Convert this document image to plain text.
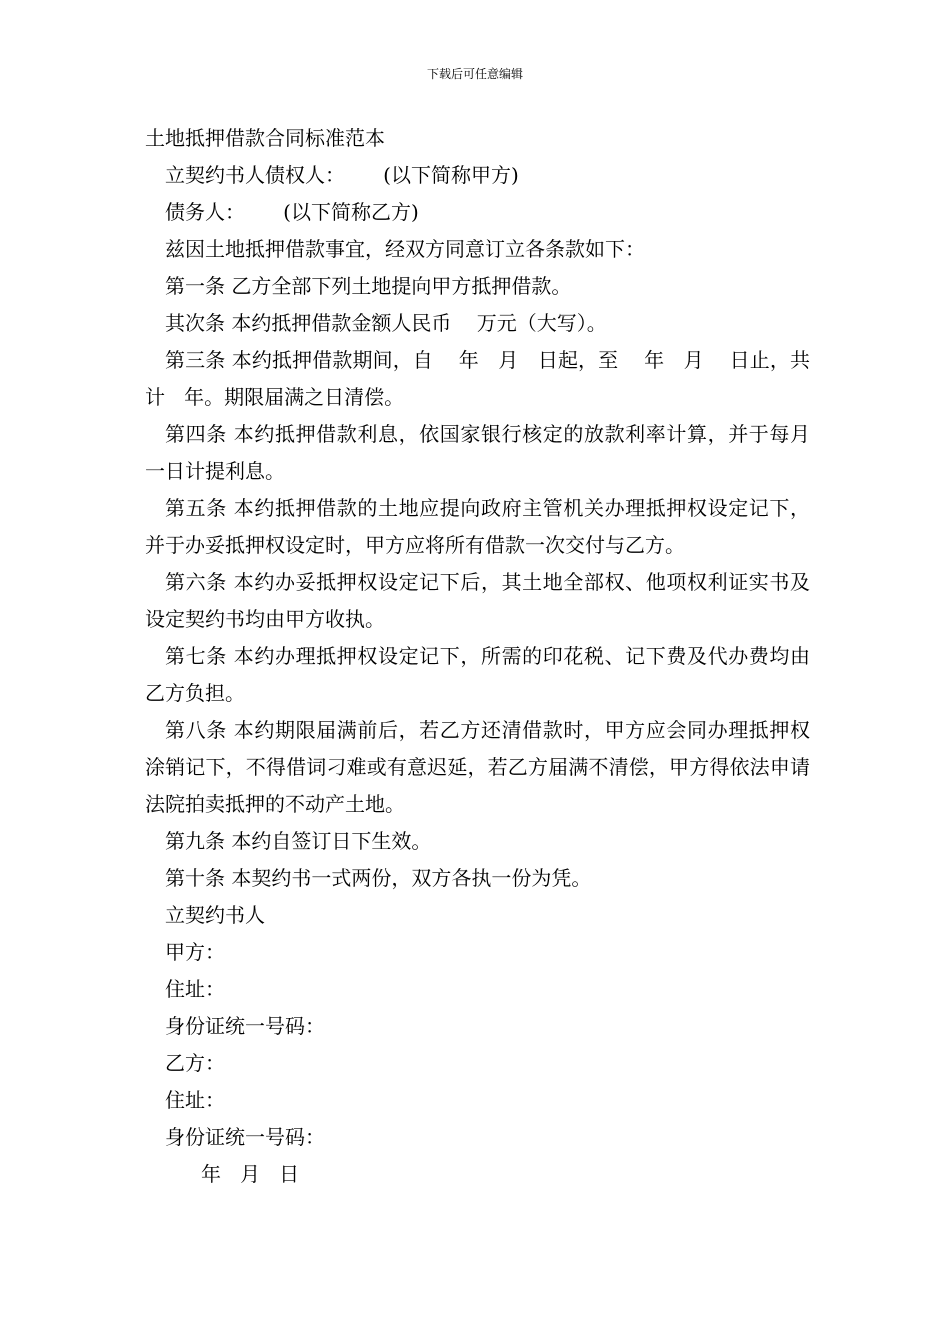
下载后可任意编辑

土地抵押借款合同标准范本

立契约书人债权人：      (以下简称甲方)

债务人：      (以下简称乙方)

兹因土地抵押借款事宜，经双方同意订立各条款如下：

第一条 乙方全部下列土地提向甲方抵押借款。

其次条 本约抵押借款金额人民币    万元（大写）。

第三条 本约抵押借款期间，自    年   月   日起，至    年   月    日止，共计   年。期限届满之日清偿。

第四条 本约抵押借款利息，依国家银行核定的放款利率计算，并于每月一日计提利息。

第五条 本约抵押借款的土地应提向政府主管机关办理抵押权设定记下，并于办妥抵押权设定时，甲方应将所有借款一次交付与乙方。

第六条 本约办妥抵押权设定记下后，其土地全部权、他项权利证实书及设定契约书均由甲方收执。

第七条 本约办理抵押权设定记下，所需的印花税、记下费及代办费均由乙方负担。

第八条 本约期限届满前后，若乙方还清借款时，甲方应会同办理抵押权涂销记下，不得借词刁难或有意迟延，若乙方届满不清偿，甲方得依法申请法院拍卖抵押的不动产土地。

第九条 本约自签订日下生效。

第十条 本契约书一式两份，双方各执一份为凭。

立契约书人

甲方：

住址：

身份证统一号码：

乙方：

住址：

身份证统一号码：

年   月   日
